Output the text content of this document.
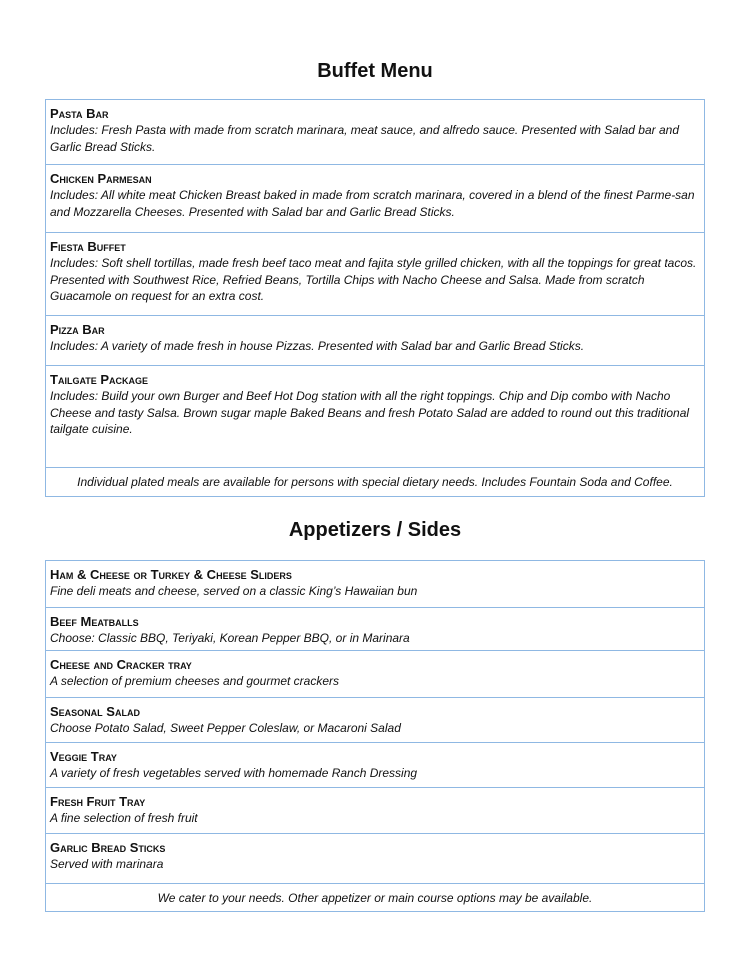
Buffet Menu
Pasta Bar
Includes: Fresh Pasta with made from scratch marinara, meat sauce, and alfredo sauce. Presented with Salad bar and Garlic Bread Sticks.
Chicken Parmesan
Includes: All white meat Chicken Breast baked in made from scratch marinara, covered in a blend of the finest Parme-san and Mozzarella Cheeses. Presented with Salad bar and Garlic Bread Sticks.
Fiesta Buffet
Includes: Soft shell tortillas, made fresh beef taco meat and fajita style grilled chicken, with all the toppings for great tacos. Presented with Southwest Rice, Refried Beans, Tortilla Chips with Nacho Cheese and Salsa. Made from scratch Guacamole on request for an extra cost.
Pizza Bar
Includes: A variety of made fresh in house Pizzas. Presented with Salad bar and Garlic Bread Sticks.
Tailgate Package
Includes: Build your own Burger and Beef Hot Dog station with all the right toppings. Chip and Dip combo with Nacho Cheese and tasty Salsa. Brown sugar maple Baked Beans and fresh Potato Salad are added to round out this traditional tailgate cuisine.
Individual plated meals are available for persons with special dietary needs. Includes Fountain Soda and Coffee.
Appetizers / Sides
Ham & Cheese or Turkey & Cheese Sliders
Fine deli meats and cheese, served on a classic King’s Hawaiian bun
Beef Meatballs
Choose: Classic BBQ, Teriyaki, Korean Pepper BBQ, or in Marinara
Cheese and Cracker tray
A selection of premium cheeses and gourmet crackers
Seasonal Salad
Choose Potato Salad, Sweet Pepper Coleslaw, or Macaroni Salad
Veggie Tray
A variety of fresh vegetables served with homemade Ranch Dressing
Fresh Fruit Tray
A fine selection of fresh fruit
Garlic Bread Sticks
Served with marinara
We cater to your needs. Other appetizer or main course options may be available.
